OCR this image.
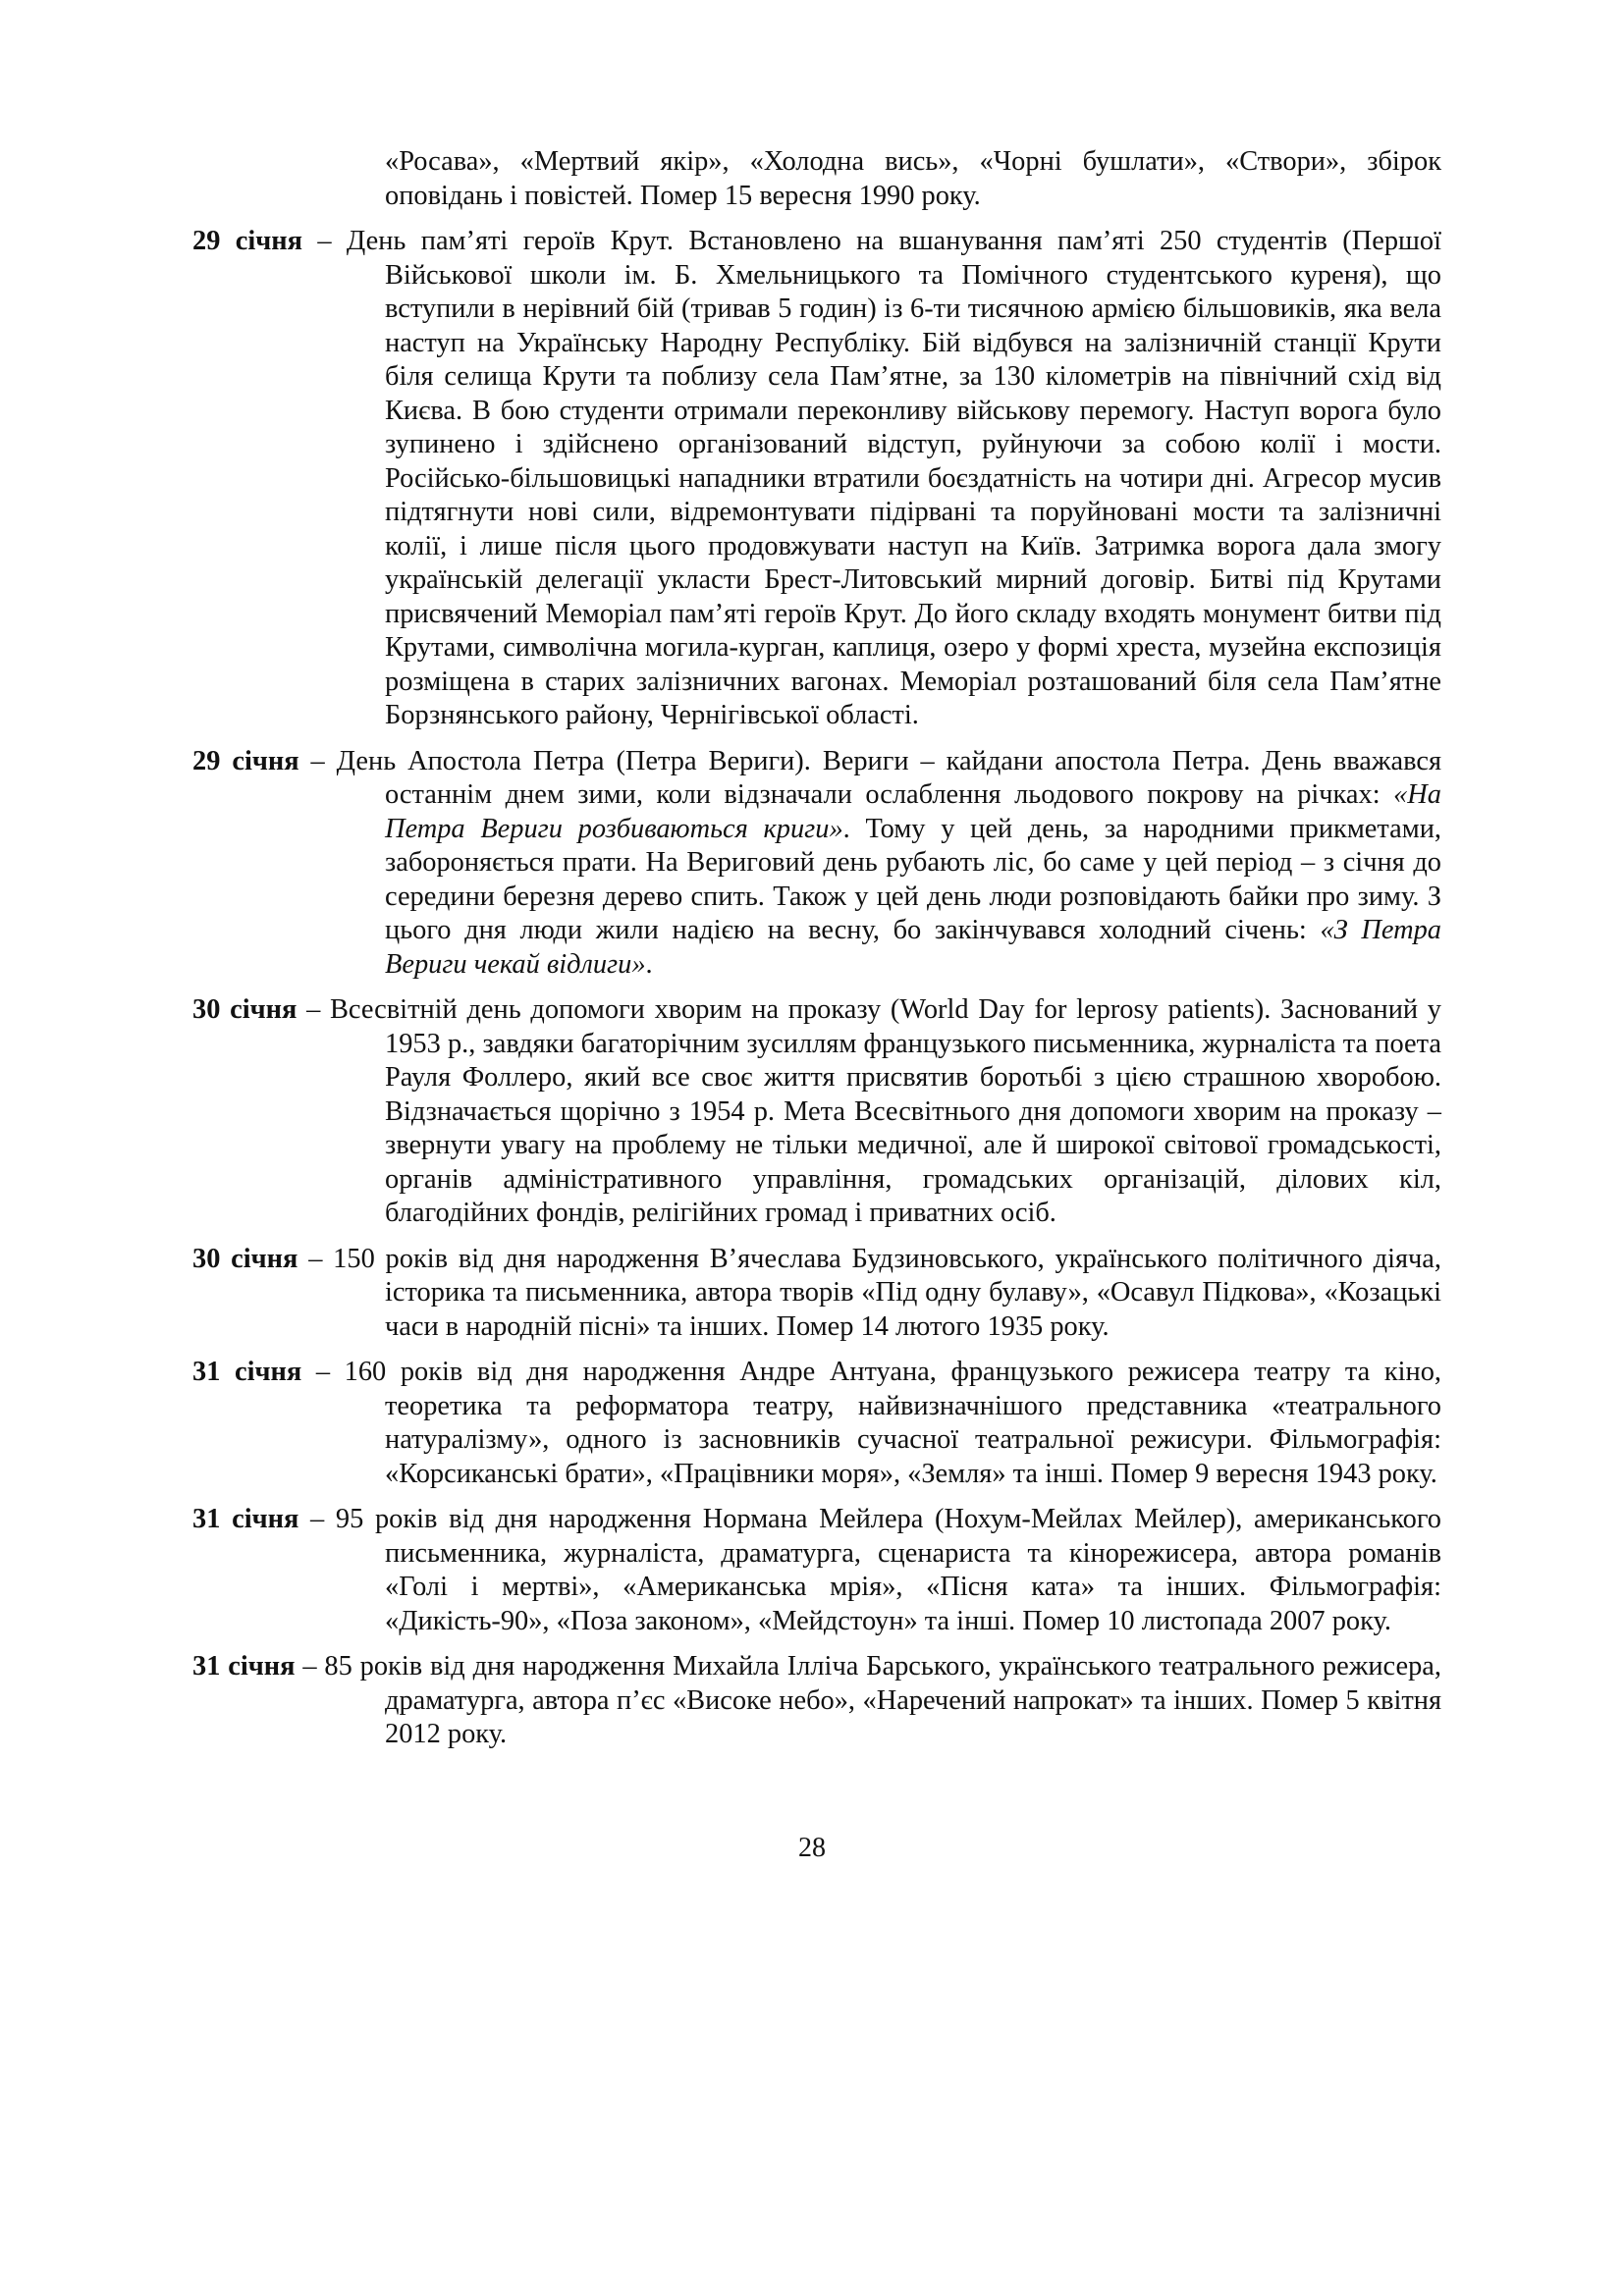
«Росава», «Мертвий якір», «Холодна вись», «Чорні бушлати», «Створи», збірок оповідань і повістей. Помер 15 вересня 1990 року.

29 січня – День пам’яті героїв Крут. Встановлено на вшанування пам’яті 250 студентів (Першої Військової школи ім. Б. Хмельницького та Помічного студентського куреня), що вступили в нерівний бій (тривав 5 годин) із 6-ти тисячною армією більшовиків, яка вела наступ на Українську Народну Республіку. Бій відбувся на залізничній станції Крути біля селища Крути та поблизу села Пам’ятне, за 130 кілометрів на північний схід від Києва. В бою студенти отримали переконливу військову перемогу. Наступ ворога було зупинено і здійснено організований відступ, руйнуючи за собою колії і мости. Російсько-більшовицькі нападники втратили боєздатність на чотири дні. Агресор мусив підтягнути нові сили, відремонтувати підірвані та поруйновані мости та залізничні колії, і лише після цього продовжувати наступ на Київ. Затримка ворога дала змогу українській делегації укласти Брест-Литовський мирний договір. Битві під Крутами присвячений Меморіал пам’яті героїв Крут. До його складу входять монумент битви під Крутами, символічна могила-курган, каплиця, озеро у формі хреста, музейна експозиція розміщена в старих залізничних вагонах. Меморіал розташований біля села Пам’ятне Борзнянського району, Чернігівської області.

29 січня – День Апостола Петра (Петра Вериги). Вериги – кайдани апостола Петра. День вважався останнім днем зими, коли відзначали ослаблення льодового покрову на річках: «На Петра Вериги розбиваються криги». Тому у цей день, за народними прикметами, забороняється прати. На Веригoвий день рубають ліс, бо саме у цей період – з січня до середини березня дерево спить. Також у цей день люди розповідають байки про зиму. З цього дня люди жили надією на весну, бо закінчувався холодний січень: «З Петра Вериги чекай відлиги».

30 січня – Всесвітній день допомоги хворим на проказу (World Day for leprosy patients). Заснований у 1953 р., завдяки багаторічним зусиллям французького письменника, журналіста та поета Рауля Фоллеро, який все своє життя присвятив боротьбі з цією страшною хворобою. Відзначається щорічно з 1954 р. Мета Всесвітнього дня допомоги хворим на проказу – звернути увагу на проблему не тільки медичної, але й широкої світової громадськості, органів адміністративного управління, громадських організацій, ділових кіл, благодійних фондів, релігійних громад і приватних осіб.

30 січня – 150 років від дня народження В’ячеслава Будзиновського, українського політичного діяча, історика та письменника, автора творів «Під одну булаву», «Осавул Підкова», «Козацькі часи в народній пісні» та інших. Помер 14 лютого 1935 року.

31 січня – 160 років від дня народження Андре Антуана, французького режисера театру та кіно, теоретика та реформатора театру, найвизначнішого представника «театрального натуралізму», одного із засновників сучасної театральної режисури. Фільмографія: «Корсиканські брати», «Працівники моря», «Земля» та інші. Помер 9 вересня 1943 року.

31 січня – 95 років від дня народження Нормана Мейлера (Нохум-Мейлах Мейлер), американського письменника, журналіста, драматурга, сценариста та кінорежисера, автора романів «Голі і мертві», «Американська мрія», «Пісня ката» та інших. Фільмографія: «Дикість-90», «Поза законом», «Мейдстоун» та інші. Помер 10 листопада 2007 року.

31 січня – 85 років від дня народження Михайла Ілліча Барського, українського театрального режисера, драматурга, автора п’єс «Високе небо», «Наречений напрокат» та інших. Помер 5 квітня 2012 року.

28
